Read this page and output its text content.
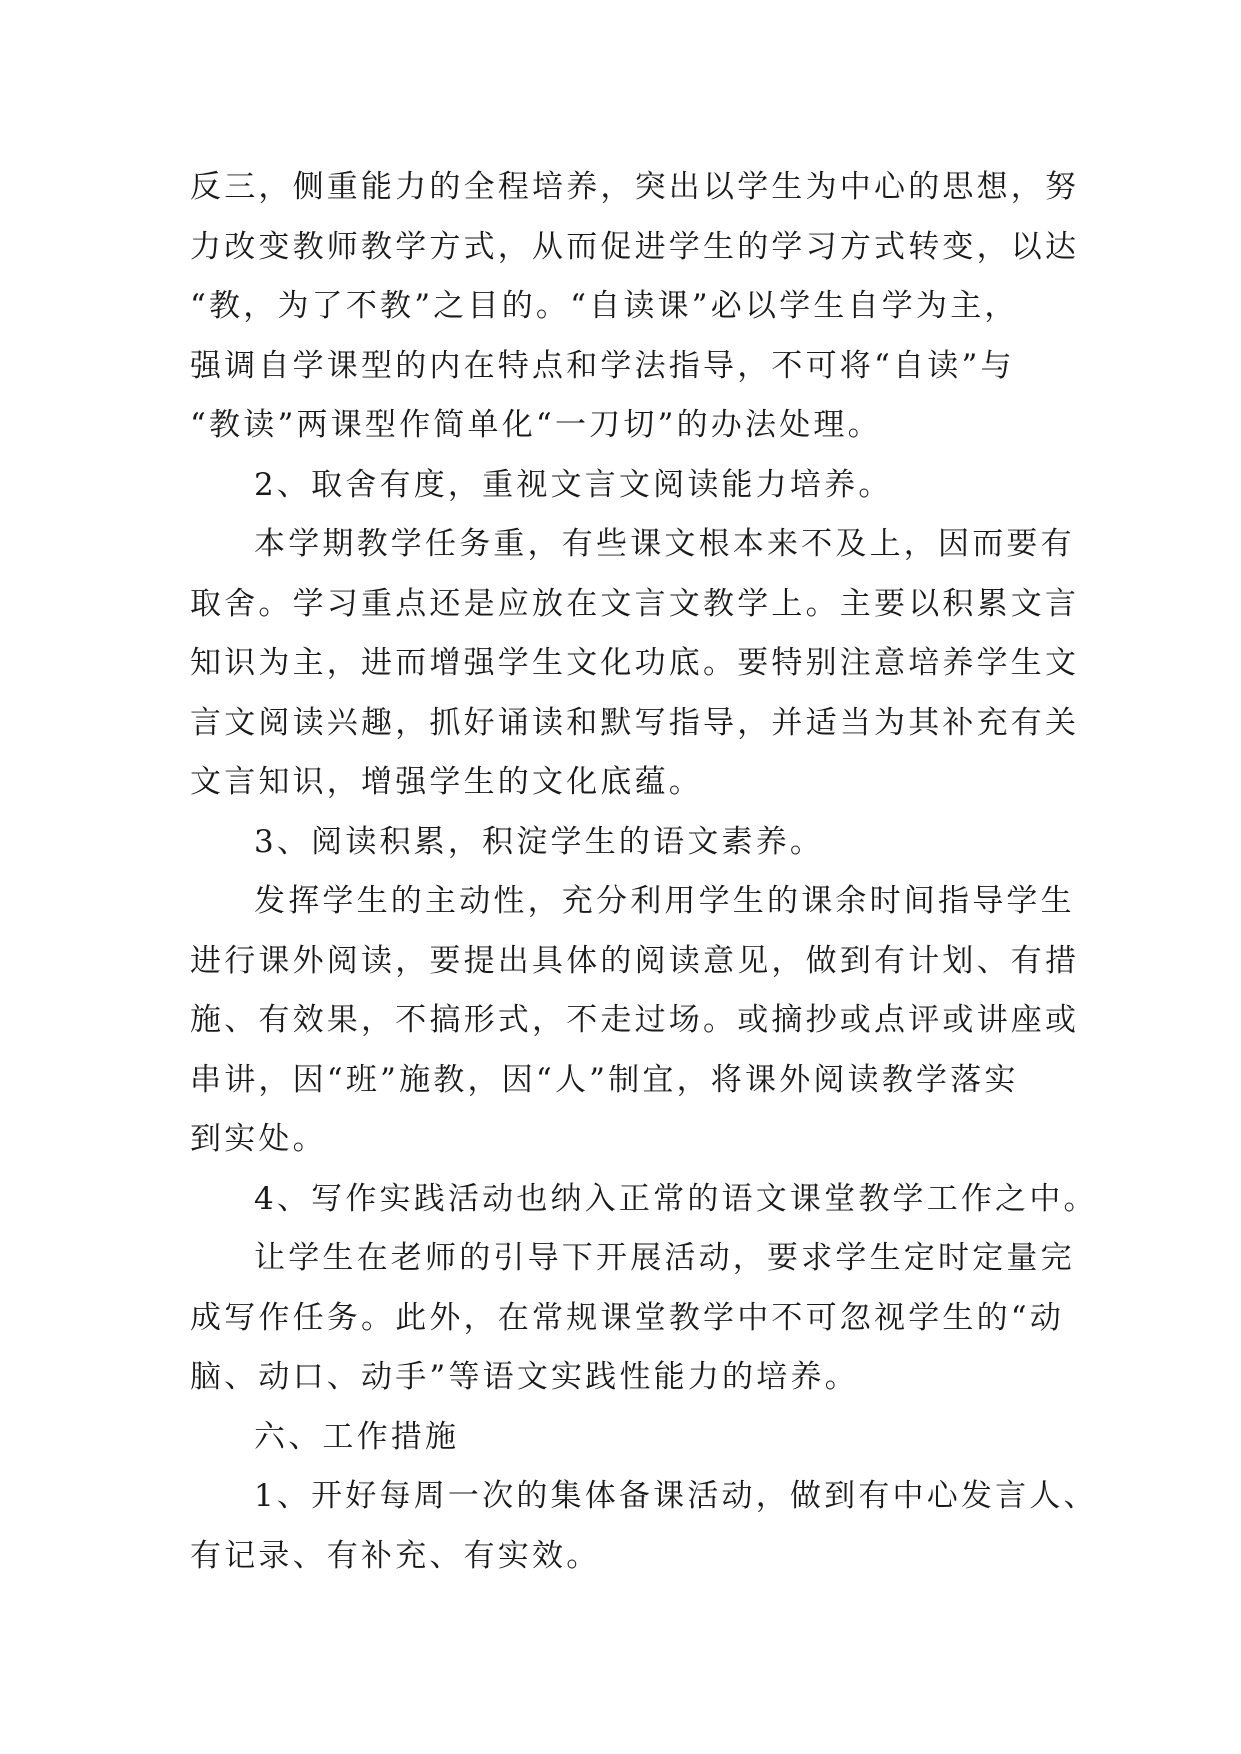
反三，侧重能力的全程培养，突出以学生为中心的思想，努
力改变教师教学方式，从而促进学生的学习方式转变，以达
“教，为了不教”之目的。“自读课”必以学生自学为主，
强调自学课型的内在特点和学法指导，不可将“自读”与
“教读”两课型作简单化“一刀切”的办法处理。

2、取舍有度，重视文言文阅读能力培养。

本学期教学任务重，有些课文根本来不及上，因而要有
取舍。学习重点还是应放在文言文教学上。主要以积累文言
知识为主，进而增强学生文化功底。要特别注意培养学生文
言文阅读兴趣，抓好诵读和默写指导，并适当为其补充有关
文言知识，增强学生的文化底蕴。

3、阅读积累，积淀学生的语文素养。

发挥学生的主动性，充分利用学生的课余时间指导学生
进行课外阅读，要提出具体的阅读意见，做到有计划、有措
施、有效果，不搞形式，不走过场。或摘抄或点评或讲座或
串讲，因“班”施教，因“人”制宜，将课外阅读教学落实
到实处。

4、写作实践活动也纳入正常的语文课堂教学工作之中。

让学生在老师的引导下开展活动，要求学生定时定量完
成写作任务。此外，在常规课堂教学中不可忽视学生的“动
脑、动口、动手”等语文实践性能力的培养。

六、工作措施

1、开好每周一次的集体备课活动，做到有中心发言人、
有记录、有补充、有实效。
